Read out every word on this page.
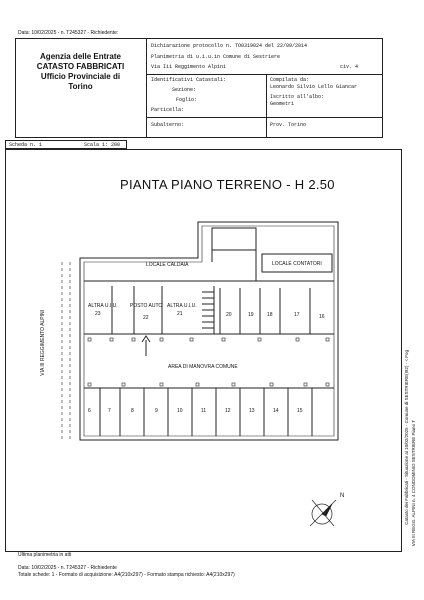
Data: 10/02/2025 - n. T245327 - Richiedente:
Agenzia delle Entrate
CATASTO FABBRICATI
Ufficio Provinciale di
Torino
Dichiarazione protocollo n. TO0319024 del 22/09/2014
Planimetria di u.i.u.in Comune di Sestriere
Via Iii Reggimento Alpini	civ. 4
Identificativi Catastali:
Sezione:
Foglio:
Particella:
Subalterno:
Compilata da:
Leonardo Silvio Lello Giancar
Iscritto all'albo:
Geometri
Prov. Torino
Scheda n. 1	Scala 1: 200
PIANTA PIANO TERRENO - H 2.50
LOCALE CALDAIA	LOCALE CONTATORI
AREA DI MANOVRA COMUNE
ALTRA U.I.U.
23
POSTO AUTO
22
ALTRA U.I.U.
21	20	19	18	17	16
6	7	8	9	10	11	12	13	14	15
N
VIA III REGGIMENTO ALPINI
Catasto dei Fabbricati - Situazione al 10/02/2025 - Comune di SESTRIERE(I92) - < Fog VIA III REGG. ALPINI n. 4 CONDOMINIO SESTRIERE Piano T
Ultima planimetria in atti
Data: 10/02/2025 - n. T245327 - Richiedente
Totale schede: 1 - Formato di acquisizione: A4(210x297) - Formato stampa richiesto: A4(210x297)
